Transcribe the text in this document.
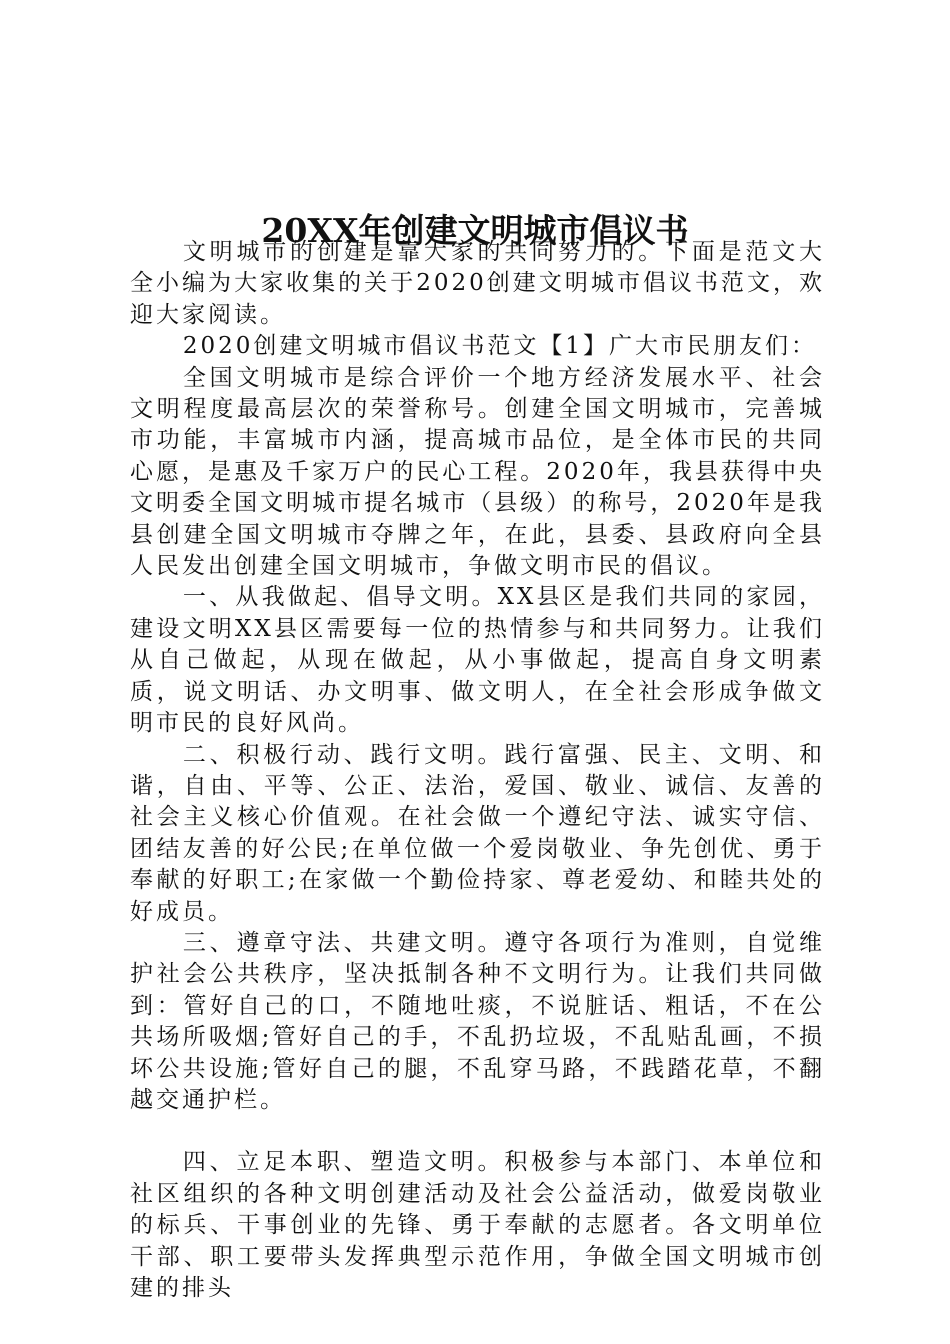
20XX年创建文明城市倡议书

文明城市的创建是靠大家的共同努力的。下面是范文大全小编为大家收集的关于2020创建文明城市倡议书范文，欢迎大家阅读。

2020创建文明城市倡议书范文【1】广大市民朋友们：

全国文明城市是综合评价一个地方经济发展水平、社会文明程度最高层次的荣誉称号。创建全国文明城市，完善城市功能，丰富城市内涵，提高城市品位，是全体市民的共同心愿，是惠及千家万户的民心工程。2020年，我县获得中央文明委全国文明城市提名城市（县级）的称号，2020年是我县创建全国文明城市夺牌之年，在此，县委、县政府向全县人民发出创建全国文明城市，争做文明市民的倡议。

一、从我做起、倡导文明。XX县区是我们共同的家园，建设文明XX县区需要每一位的热情参与和共同努力。让我们从自己做起，从现在做起，从小事做起，提高自身文明素质，说文明话、办文明事、做文明人，在全社会形成争做文明市民的良好风尚。

二、积极行动、践行文明。践行富强、民主、文明、和谐，自由、平等、公正、法治，爱国、敬业、诚信、友善的社会主义核心价值观。在社会做一个遵纪守法、诚实守信、团结友善的好公民;在单位做一个爱岗敬业、争先创优、勇于奉献的好职工;在家做一个勤俭持家、尊老爱幼、和睦共处的好成员。

三、遵章守法、共建文明。遵守各项行为准则，自觉维护社会公共秩序，坚决抵制各种不文明行为。让我们共同做到：管好自己的口，不随地吐痰，不说脏话、粗话，不在公共场所吸烟;管好自己的手，不乱扔垃圾，不乱贴乱画，不损坏公共设施;管好自己的腿，不乱穿马路，不践踏花草，不翻越交通护栏。

四、立足本职、塑造文明。积极参与本部门、本单位和社区组织的各种文明创建活动及社会公益活动，做爱岗敬业的标兵、干事创业的先锋、勇于奉献的志愿者。各文明单位干部、职工要带头发挥典型示范作用，争做全国文明城市创建的排头
